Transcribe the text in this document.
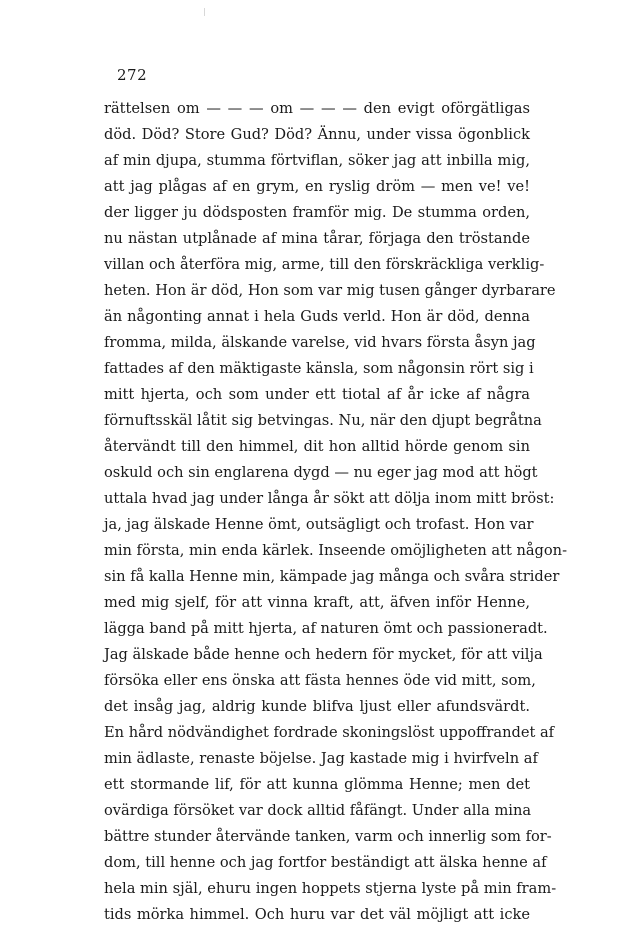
272
rättelsen om — — — om — — — den evigt oförgätligas
död. Död? Store Gud? Död? Ännu, under vissa ögonblick
af min djupa, stumma förtviflan, söker jag att inbilla mig,
att jag plågas af en grym, en ryslig dröm — men ve! ve!
der ligger ju dödsposten framför mig. De stumma orden,
nu nästan utplånade af mina tårar, förjaga den tröstande
villan och återföra mig, arme, till den förskräckliga verklig-
heten. Hon är död, Hon som var mig tusen gånger dyrbarare
än någonting annat i hela Guds verld. Hon är död, denna
fromma, milda, älskande varelse, vid hvars första åsyn jag
fattades af den mäktigaste känsla, som någonsin rört sig i
mitt hjerta, och som under ett tiotal af år icke af några
förnuftsskäl låtit sig betvingas. Nu, när den djupt begråtna
återvändt till den himmel, dit hon alltid hörde genom sin
oskuld och sin englarena dygd — nu eger jag mod att högt
uttala hvad jag under långa år sökt att dölja inom mitt bröst:
ja, jag älskade Henne ömt, outsägligt och trofast. Hon var
min första, min enda kärlek. Inseende omöjligheten att någon-
sin få kalla Henne min, kämpade jag många och svåra strider
med mig sjelf, för att vinna kraft, att, äfven inför Henne,
lägga band på mitt hjerta, af naturen ömt och passioneradt.
Jag älskade både henne och hedern för mycket, för att vilja
försöka eller ens önska att fästa hennes öde vid mitt, som,
det insåg jag, aldrig kunde blifva ljust eller afundsvärdt.
En hård nödvändighet fordrade skoningslöst uppoffrandet af
min ädlaste, renaste böjelse. Jag kastade mig i hvirfveln af
ett stormande lif, för att kunna glömma Henne; men det
ovärdiga försöket var dock alltid fåfängt. Under alla mina
bättre stunder återvände tanken, varm och innerlig som for-
dom, till henne och jag fortfor beständigt att älska henne af
hela min själ, ehuru ingen hoppets stjerna lyste på min fram-
tids mörka himmel. Och huru var det väl möjligt att icke
